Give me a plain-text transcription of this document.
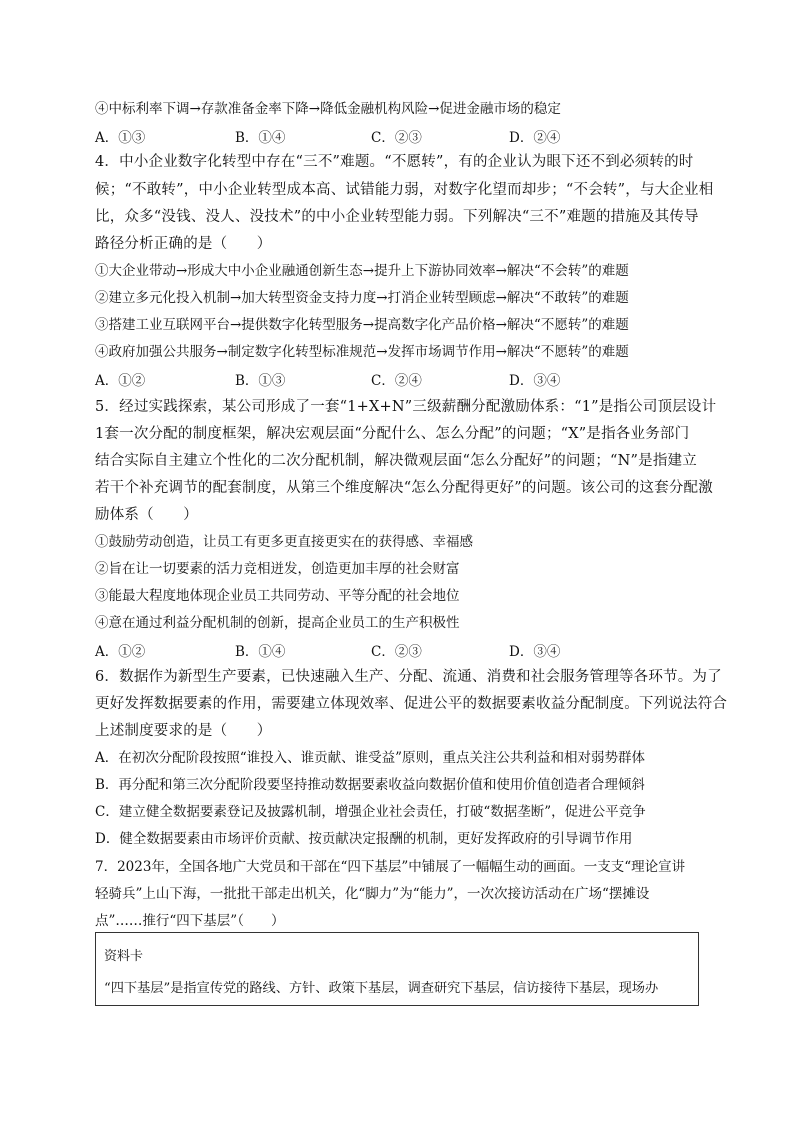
④中标利率下调→存款准备金率下降→降低金融机构风险→促进金融市场的稳定
A．①③	B．①④	C．②③	D．②④
4．中小企业数字化转型中存在“三不”难题。“不愿转”，有的企业认为眼下还不到必须转的时
候；“不敢转”，中小企业转型成本高、试错能力弱，对数字化望而却步；“不会转”，与大企业相
比，众多“没钱、没人、没技术”的中小企业转型能力弱。下列解决“三不”难题的措施及其传导
路径分析正确的是（　　）
①大企业带动→形成大中小企业融通创新生态→提升上下游协同效率→解决“不会转”的难题
②建立多元化投入机制→加大转型资金支持力度→打消企业转型顾虑→解决“不敢转”的难题
③搭建工业互联网平台→提供数字化转型服务→提高数字化产品价格→解决“不愿转”的难题
④政府加强公共服务→制定数字化转型标准规范→发挥市场调节作用→解决“不愿转”的难题
A．①②	B．①③	C．②④	D．③④
5．经过实践探索，某公司形成了一套“1+X+N”三级薪酬分配激励体系：“1”是指公司顶层设计
1套一次分配的制度框架，解决宏观层面“分配什么、怎么分配”的问题；“X”是指各业务部门
结合实际自主建立个性化的二次分配机制，解决微观层面“怎么分配好”的问题；“N”是指建立
若干个补充调节的配套制度，从第三个维度解决“怎么分配得更好”的问题。该公司的这套分配激
励体系（　　）
①鼓励劳动创造，让员工有更多更直接更实在的获得感、幸福感
②旨在让一切要素的活力竞相迸发，创造更加丰厚的社会财富
③能最大程度地体现企业员工共同劳动、平等分配的社会地位
④意在通过利益分配机制的创新，提高企业员工的生产积极性
A．①②	B．①④	C．②③	D．③④
6．数据作为新型生产要素，已快速融入生产、分配、流通、消费和社会服务管理等各环节。为了
更好发挥数据要素的作用，需要建立体现效率、促进公平的数据要素收益分配制度。下列说法符合
上述制度要求的是（　　）
A．在初次分配阶段按照“谁投入、谁贡献、谁受益”原则，重点关注公共利益和相对弱势群体
B．再分配和第三次分配阶段要坚持推动数据要素收益向数据价值和使用价值创造者合理倾斜
C．建立健全数据要素登记及披露机制，增强企业社会责任，打破“数据垄断”，促进公平竞争
D．健全数据要素由市场评价贡献、按贡献决定报酬的机制，更好发挥政府的引导调节作用
7．2023年，全国各地广大党员和干部在“四下基层”中铺展了一幅幅生动的画面。一支支“理论宣讲
轻骑兵”上山下海，一批批干部走出机关，化“脚力”为“能力”，一次次接访活动在广场“摆摊设
点”……推行“四下基层”（　　）
资料卡
“四下基层”是指宣传党的路线、方针、政策下基层，调查研究下基层，信访接待下基层，现场办
